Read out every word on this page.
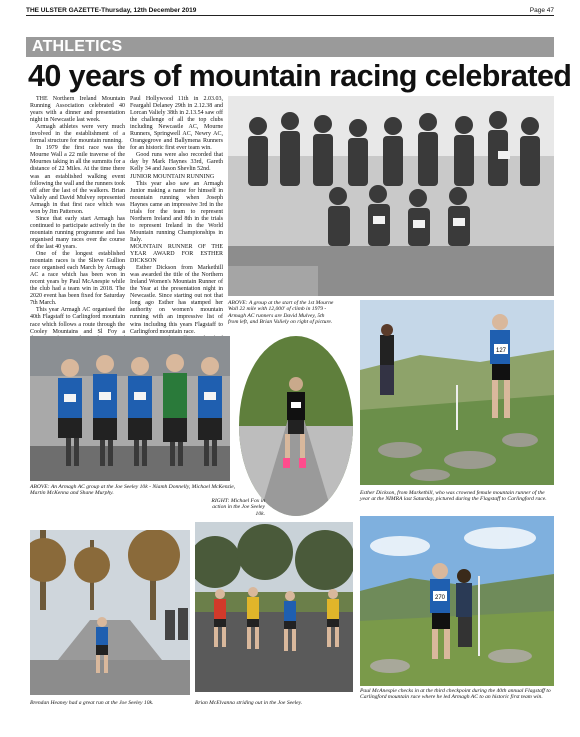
THE ULSTER GAZETTE-Thursday, 12th December 2019	Page 47
ATHLETICS
40 years of mountain racing celebrated

THE Northern Ireland Mountain Running Association celebrated 40 years with a dinner and presentation night in Newcastle last week.

Armagh athletes were very much involved in the establishment of a formal structure for mountain running.

In 1979 the first race was the Mourne Wall a 22 mile traverse of the Mournes taking in all the summits for a distance of 22 Miles. At the time there was an established walking event following the wall and the runners took off after the last of the walkers. Brian Valiely and David Mulvey represented Armagh in that first race which was won by Jim Patterson.

Since that early start Armagh has continued to participate actively in the mountain running programme and has organised many races over the course of the last 40 years.

One of the longest established mountain races is the Slieve Gullion race organised each March by Armagh AC a race which has been won in recent years by Paul McAnespie while the club had a team win in 2018. The 2020 event has been fixed for Saturday 7th March.

This year Armagh AC organised the 40th Flagstaff to Carlingford mountain race which follows a route through the Cooley Mountains and Sl Foy a

Paul Hollywood 11th in 2.03.03, Feargahl Delaney 29th in 2.12.38 and Lorcan Valiely 38th in 2.13.54 saw off the challenge of all the top clubs including Newcastle AC, Mourne Runners, Springwell AC, Newry AC, Orangegrove and Ballymena Runners for an historic first ever team win.

Good runs were also recorded that day by Mark Haynes 33rd, Gareth Kelly 34 and Jason Shevlin 52nd.

JUNIOR MOUNTAIN RUNNING

This year also saw an Armagh Junior making a name for himself in mountain running when Joseph Haynes came an impressive 3rd in the trials for the team to represent Northern Ireland and 8th in the trials to represent Ireland in the World Mountain running Championships in Italy.

MOUNTAIN RUNNER OF THE YEAR AWARD FOR ESTHER DICKSON

Esther Dickson from Markethill was awarded the title of the Northern Ireland Women's Mountain Runner of the Year at the presentation night in Newcastle. Since starting out not that long ago Esther has stamped her authority on women's mountain running with an impressive list of wins including this years Flagstaff to Carlingford mountain race.

ABOVE: A group at the start of the 1st Mourne Wall 22 mile with 12,000' of climb in 1979 - Armagh AC runners are David Mulvey, 5th from left, and Brian Valiely on right of picture.
ABOVE: An Armagh AC group at the Joe Seeley 10k - Niamh Donnelly, Michael McKenzie, Martin McKenna and Shane Murphy.
RIGHT: Michael Fox in action in the Joe Seeley 10k.
127
Esther Dickson, from Markethill, who was crowned female mountain runner of the year at the NIMRA last Saturday, pictured during the Flagstaff to Carlingford race.
Brendan Heaney had a great run at the Joe Seeley 10k.	Brian McElvanna striding out in the Joe Seeley.
270
Paul McAnespie checks in at the third checkpoint during the 40th annual Flagstaff to Carlingford mountain race where he led Armagh AC to an historic first team win.
